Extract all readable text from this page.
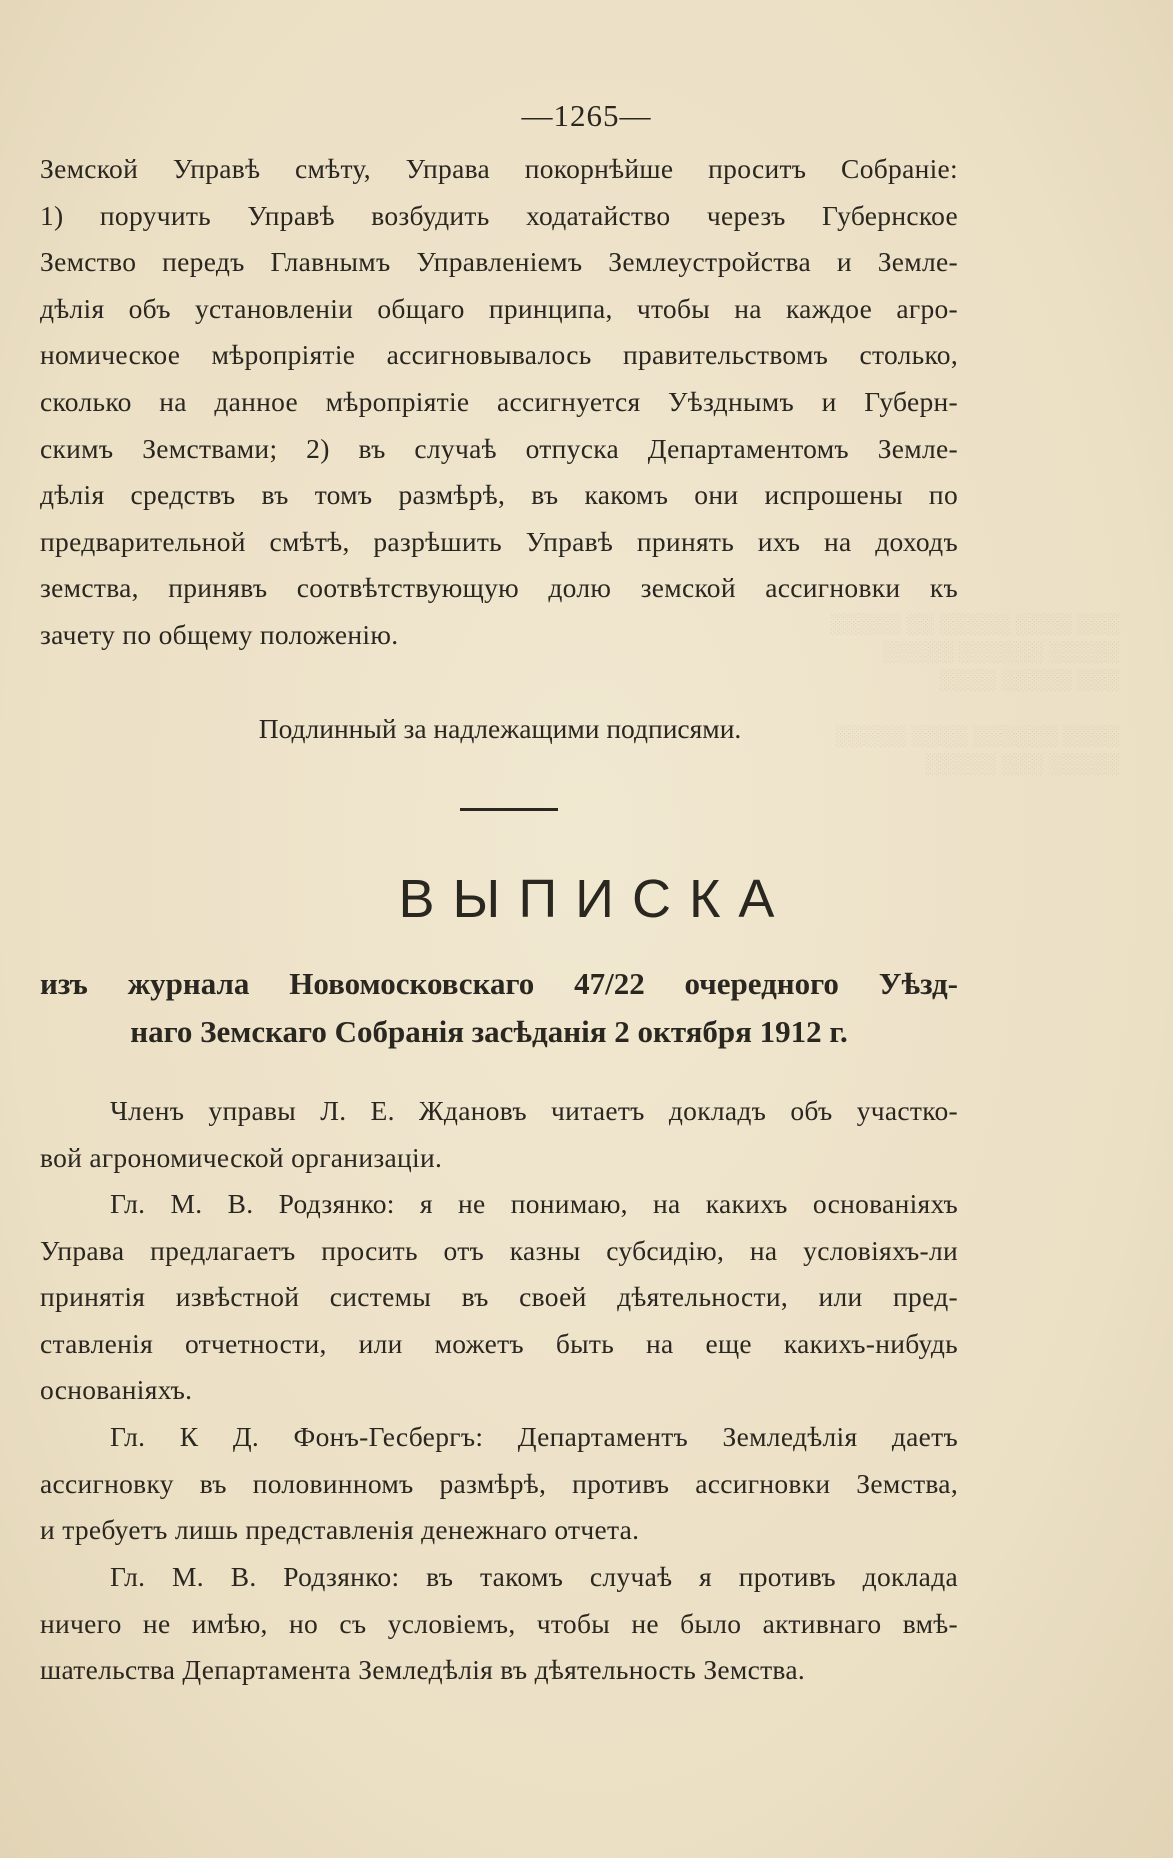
░░░ ░░░░ ░░░░░ ░░ ░░░░░
░░░░░ ░░░░░░ ░░░░░
░░░ ░░░░░ ░░░░

░░░░ ░░░░░░ ░░░░ ░░░░░
░░░░░ ░░░ ░░░░░
—1265—

Земской Управѣ смѣту, Управа покорнѣйше проситъ Собраніе:
1) поручить Управѣ возбудить ходатайство черезъ Губернское
Земство передъ Главнымъ Управленіемъ Землеустройства и Земле-
дѣлія объ установленіи общаго принципа, чтобы на каждое агро-
номическое мѣропріятіе ассигновывалось правительствомъ столько,
сколько на данное мѣропріятіе ассигнуется Уѣзднымъ и Губерн-
скимъ Земствами; 2) въ случаѣ отпуска Департаментомъ Земле-
дѣлія средствъ въ томъ размѣрѣ, въ какомъ они испрошены по
предварительной смѣтѣ, разрѣшить Управѣ принять ихъ на доходъ
земства, принявъ соотвѣтствующую долю земской ассигновки къ
зачету по общему положенію.

Подлинный за надлежащими подписями.
ВЫПИСКА
изъ журнала Новомосковскаго 47/22 очередного Уѣзд-
наго Земскаго Собранія засѣданія 2 октября 1912 г.

Членъ управы Л. Е. Ждановъ читаетъ докладъ объ участко-
вой агрономической организаціи.

Гл. М. В. Родзянко: я не понимаю, на какихъ основаніяхъ
Управа предлагаетъ просить отъ казны субсидію, на условіяхъ-ли
принятія извѣстной системы въ своей дѣятельности, или пред-
ставленія отчетности, или можетъ быть на еще какихъ-нибудь
основаніяхъ.

Гл. К Д. Фонъ-Гесбергъ: Департаментъ Земледѣлія даетъ
ассигновку въ половинномъ размѣрѣ, противъ ассигновки Земства,
и требуетъ лишь представленія денежнаго отчета.

Гл. М. В. Родзянко: въ такомъ случаѣ я противъ доклада
ничего не имѣю, но съ условіемъ, чтобы не было активнаго вмѣ-
шательства Департамента Земледѣлія въ дѣятельность Земства.
